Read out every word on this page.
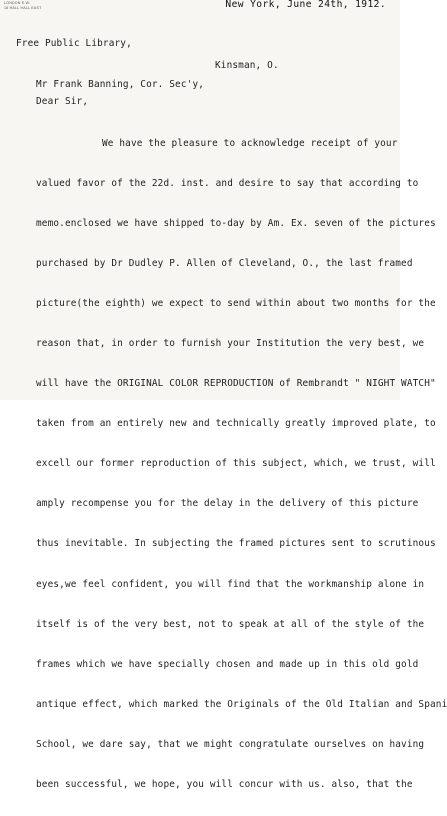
LONDON E.W.
16 HALL HALL EAST	New York, June 24th, 1912.
Free Public Library,
Kinsman, O.
Mr Frank Banning, Cor. Sec'y,
Dear Sir,

We have the pleasure to acknowledge receipt of your

valued favor of the 22d. inst. and desire to say that according to

memo.enclosed we have shipped to-day by Am. Ex. seven of the pictures

purchased by Dr Dudley P. Allen of Cleveland, O., the last framed

picture(the eighth) we expect to send within about two months for the

reason that, in order to furnish your Institution the very best, we

will have the ORIGINAL COLOR REPRODUCTION of Rembrandt " NIGHT WATCH"

taken from an entirely new and technically greatly improved plate, to

excell our former reproduction of this subject, which, we trust, will

amply recompense you for the delay in the delivery of this picture

thus inevitable. In subjecting the framed pictures sent to scrutinous

eyes,we feel confident, you will find that the workmanship alone in

itself is of the very best, not to speak at all of the style of the

frames which we have specially chosen and made up in this old gold

antique effect, which marked the Originals of the Old Italian and Spani

School, we dare say, that we might congratulate ourselves on having

been successful, we hope, you will concur with us. also, that the
